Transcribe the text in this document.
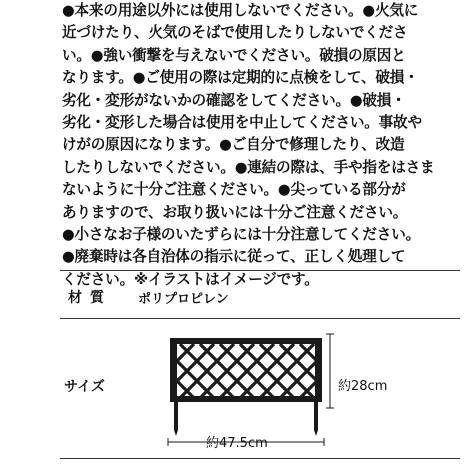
●本来の用途以外には使用しないでください。●火気に
近づけたり、火気のそばで使用したりしないでくださ
い。●強い衝撃を与えないでください。破損の原因と
なります。●ご使用の際は定期的に点検をして、破損・
劣化・変形がないかの確認をしてください。●破損・
劣化・変形した場合は使用を中止してください。事故や
けがの原因になります。●ご自分で修理したり、改造
したりしないでください。●連結の際は、手や指をはさま
ないように十分ご注意ください。●尖っている部分が
ありますので、お取り扱いには十分ご注意ください。
●小さなお子様のいたずらには十分注意してください。
●廃棄時は各自治体の指示に従って、正しく処理して
ください。※イラストはイメージです。
材質 ポリプロピレン
サイズ	約28cm
約47.5cm
